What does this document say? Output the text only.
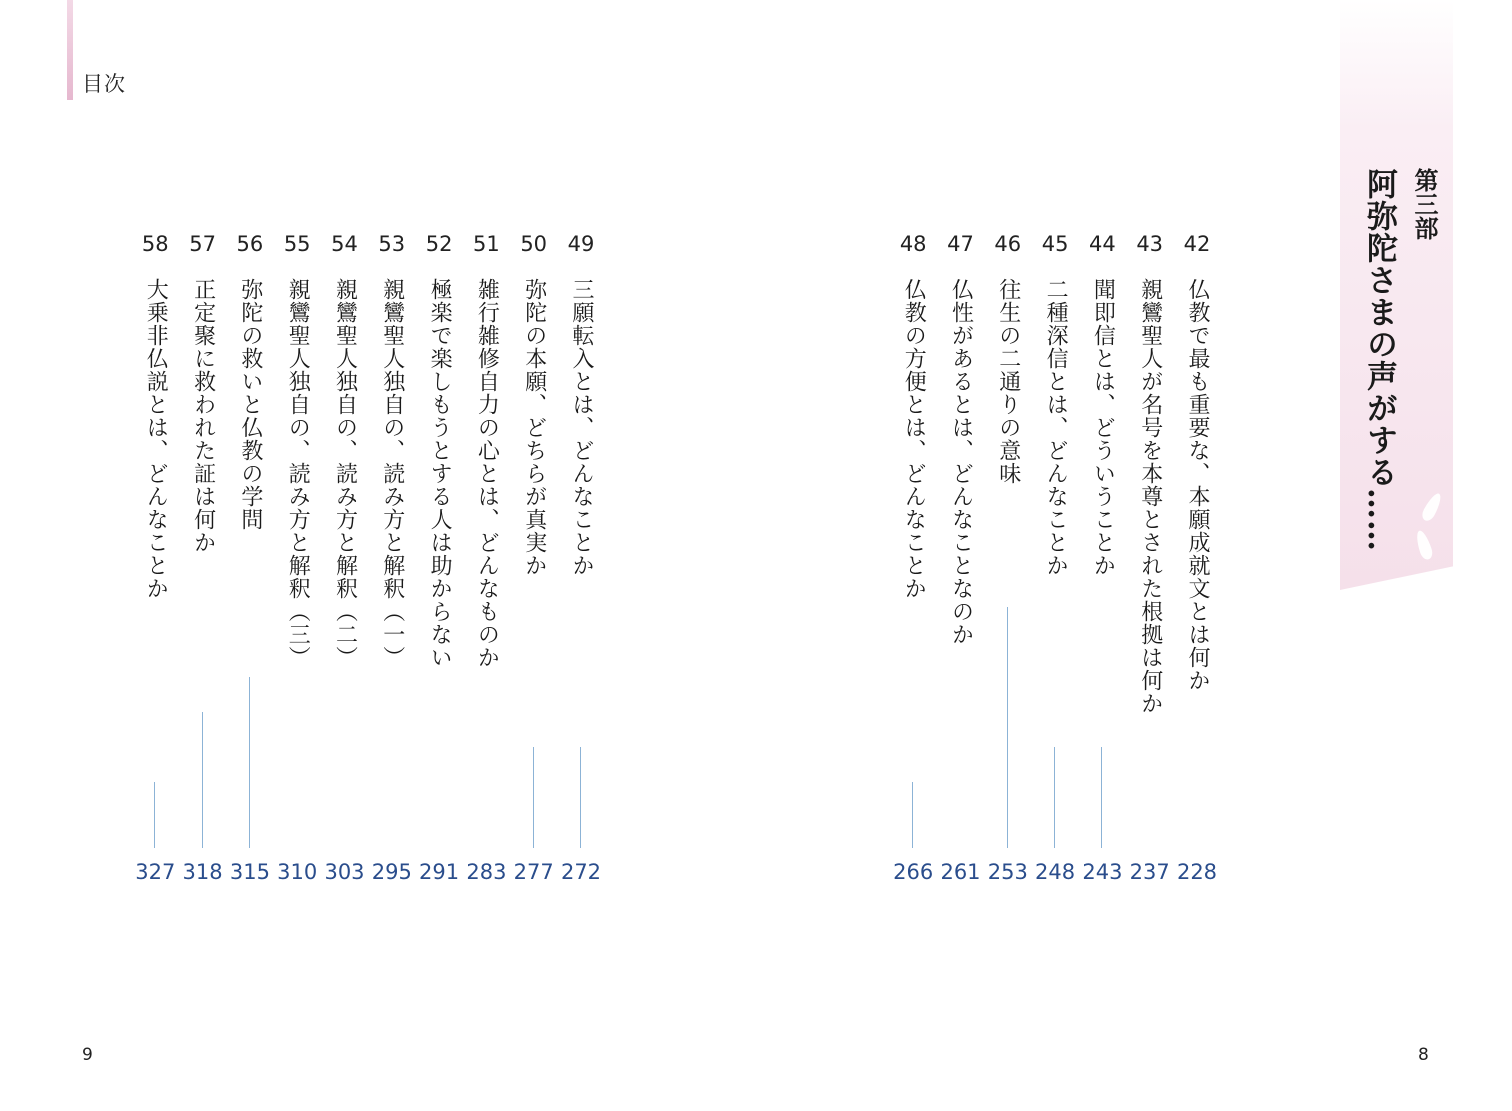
目次
第三部
阿弥陀さまの声がする……
42
仏教で最も重要な、本願成就文とは何か
228
43
親鸞聖人が名号を本尊とされた根拠は何か
237
44
聞即信とは、どういうことか
243
45
二種深信とは、どんなことか
248
46
往生の二通りの意味
253
47
仏性があるとは、どんなことなのか
261
48
仏教の方便とは、どんなことか
266
49
三願転入とは、どんなことか
272
50
弥陀の本願、どちらが真実か
277
51
雑行雑修自力の心とは、どんなものか
283
52
極楽で楽しもうとする人は助からない
291
53
親鸞聖人独自の、読み方と解釈（一）
295
54
親鸞聖人独自の、読み方と解釈（二）
303
55
親鸞聖人独自の、読み方と解釈（三）
310
56
弥陀の救いと仏教の学問
315
57
正定聚に救われた証は何か
318
58
大乗非仏説とは、どんなことか
327
9	8
